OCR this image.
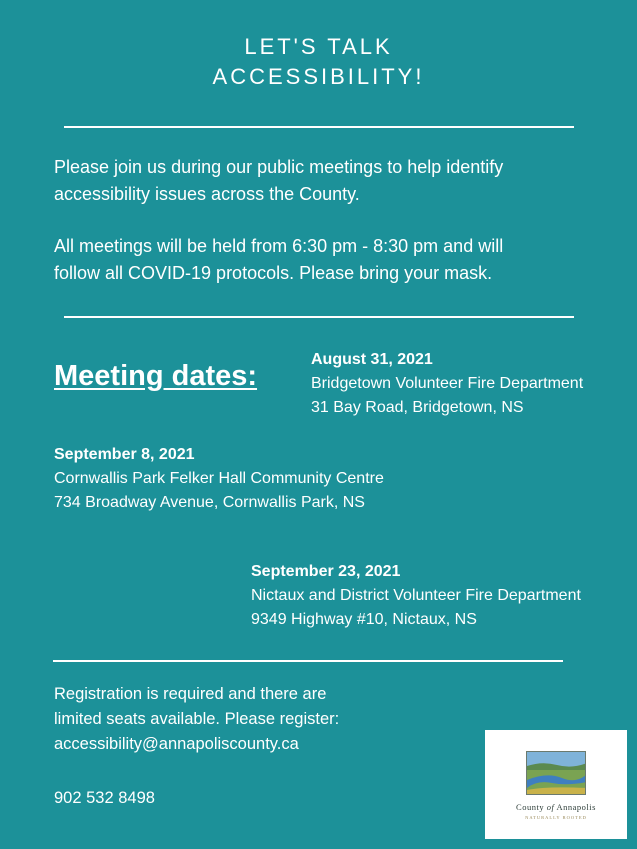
LET'S TALK
ACCESSIBILITY!
Please join us during our public meetings to help identify
accessibility issues across the County.
All meetings will be held from 6:30 pm - 8:30 pm and will
follow all COVID-19 protocols. Please bring your mask.
Meeting dates:
August 31, 2021
Bridgetown Volunteer Fire Department
31 Bay Road, Bridgetown, NS
September 8, 2021
Cornwallis Park Felker Hall Community Centre
734 Broadway Avenue, Cornwallis Park, NS
September 23, 2021
Nictaux and District Volunteer Fire Department
9349 Highway #10, Nictaux, NS
Registration is required and there are
limited seats available. Please register:
accessibility@annapoliscounty.ca
902 532 8498	County of Annapolis
NATURALLY ROOTED
